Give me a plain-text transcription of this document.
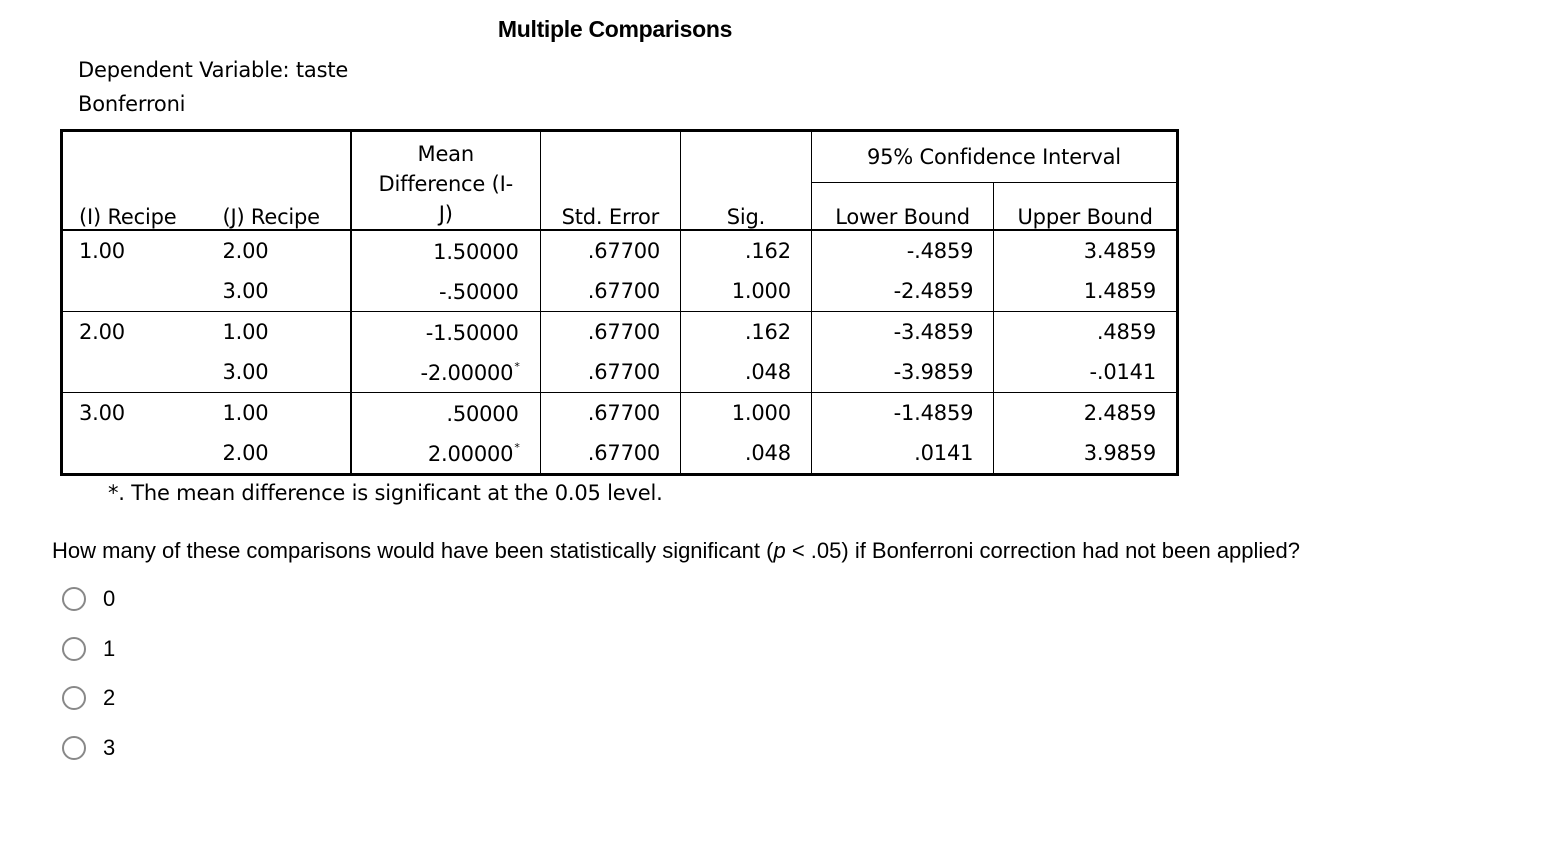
Multiple Comparisons
Dependent Variable: taste
Bonferroni
(I) Recipe	(J) Recipe	Mean
Difference (I-
J)	Std. Error	Sig.	95% Confidence Interval	
					Lower Bound	Upper Bound
1.00	2.00	1.50000	.67700	.162	-.4859	3.4859
	3.00	-.50000	.67700	1.000	-2.4859	1.4859
2.00	1.00	-1.50000	.67700	.162	-3.4859	.4859
	3.00	-2.00000*	.67700	.048	-3.9859	-.0141
3.00	1.00	.50000	.67700	1.000	-1.4859	2.4859
	2.00	2.00000*	.67700	.048	.0141	3.9859
*. The mean difference is significant at the 0.05 level.
How many of these comparisons would have been statistically significant (p < .05) if Bonferroni correction had not been applied?
0
1
2
3
